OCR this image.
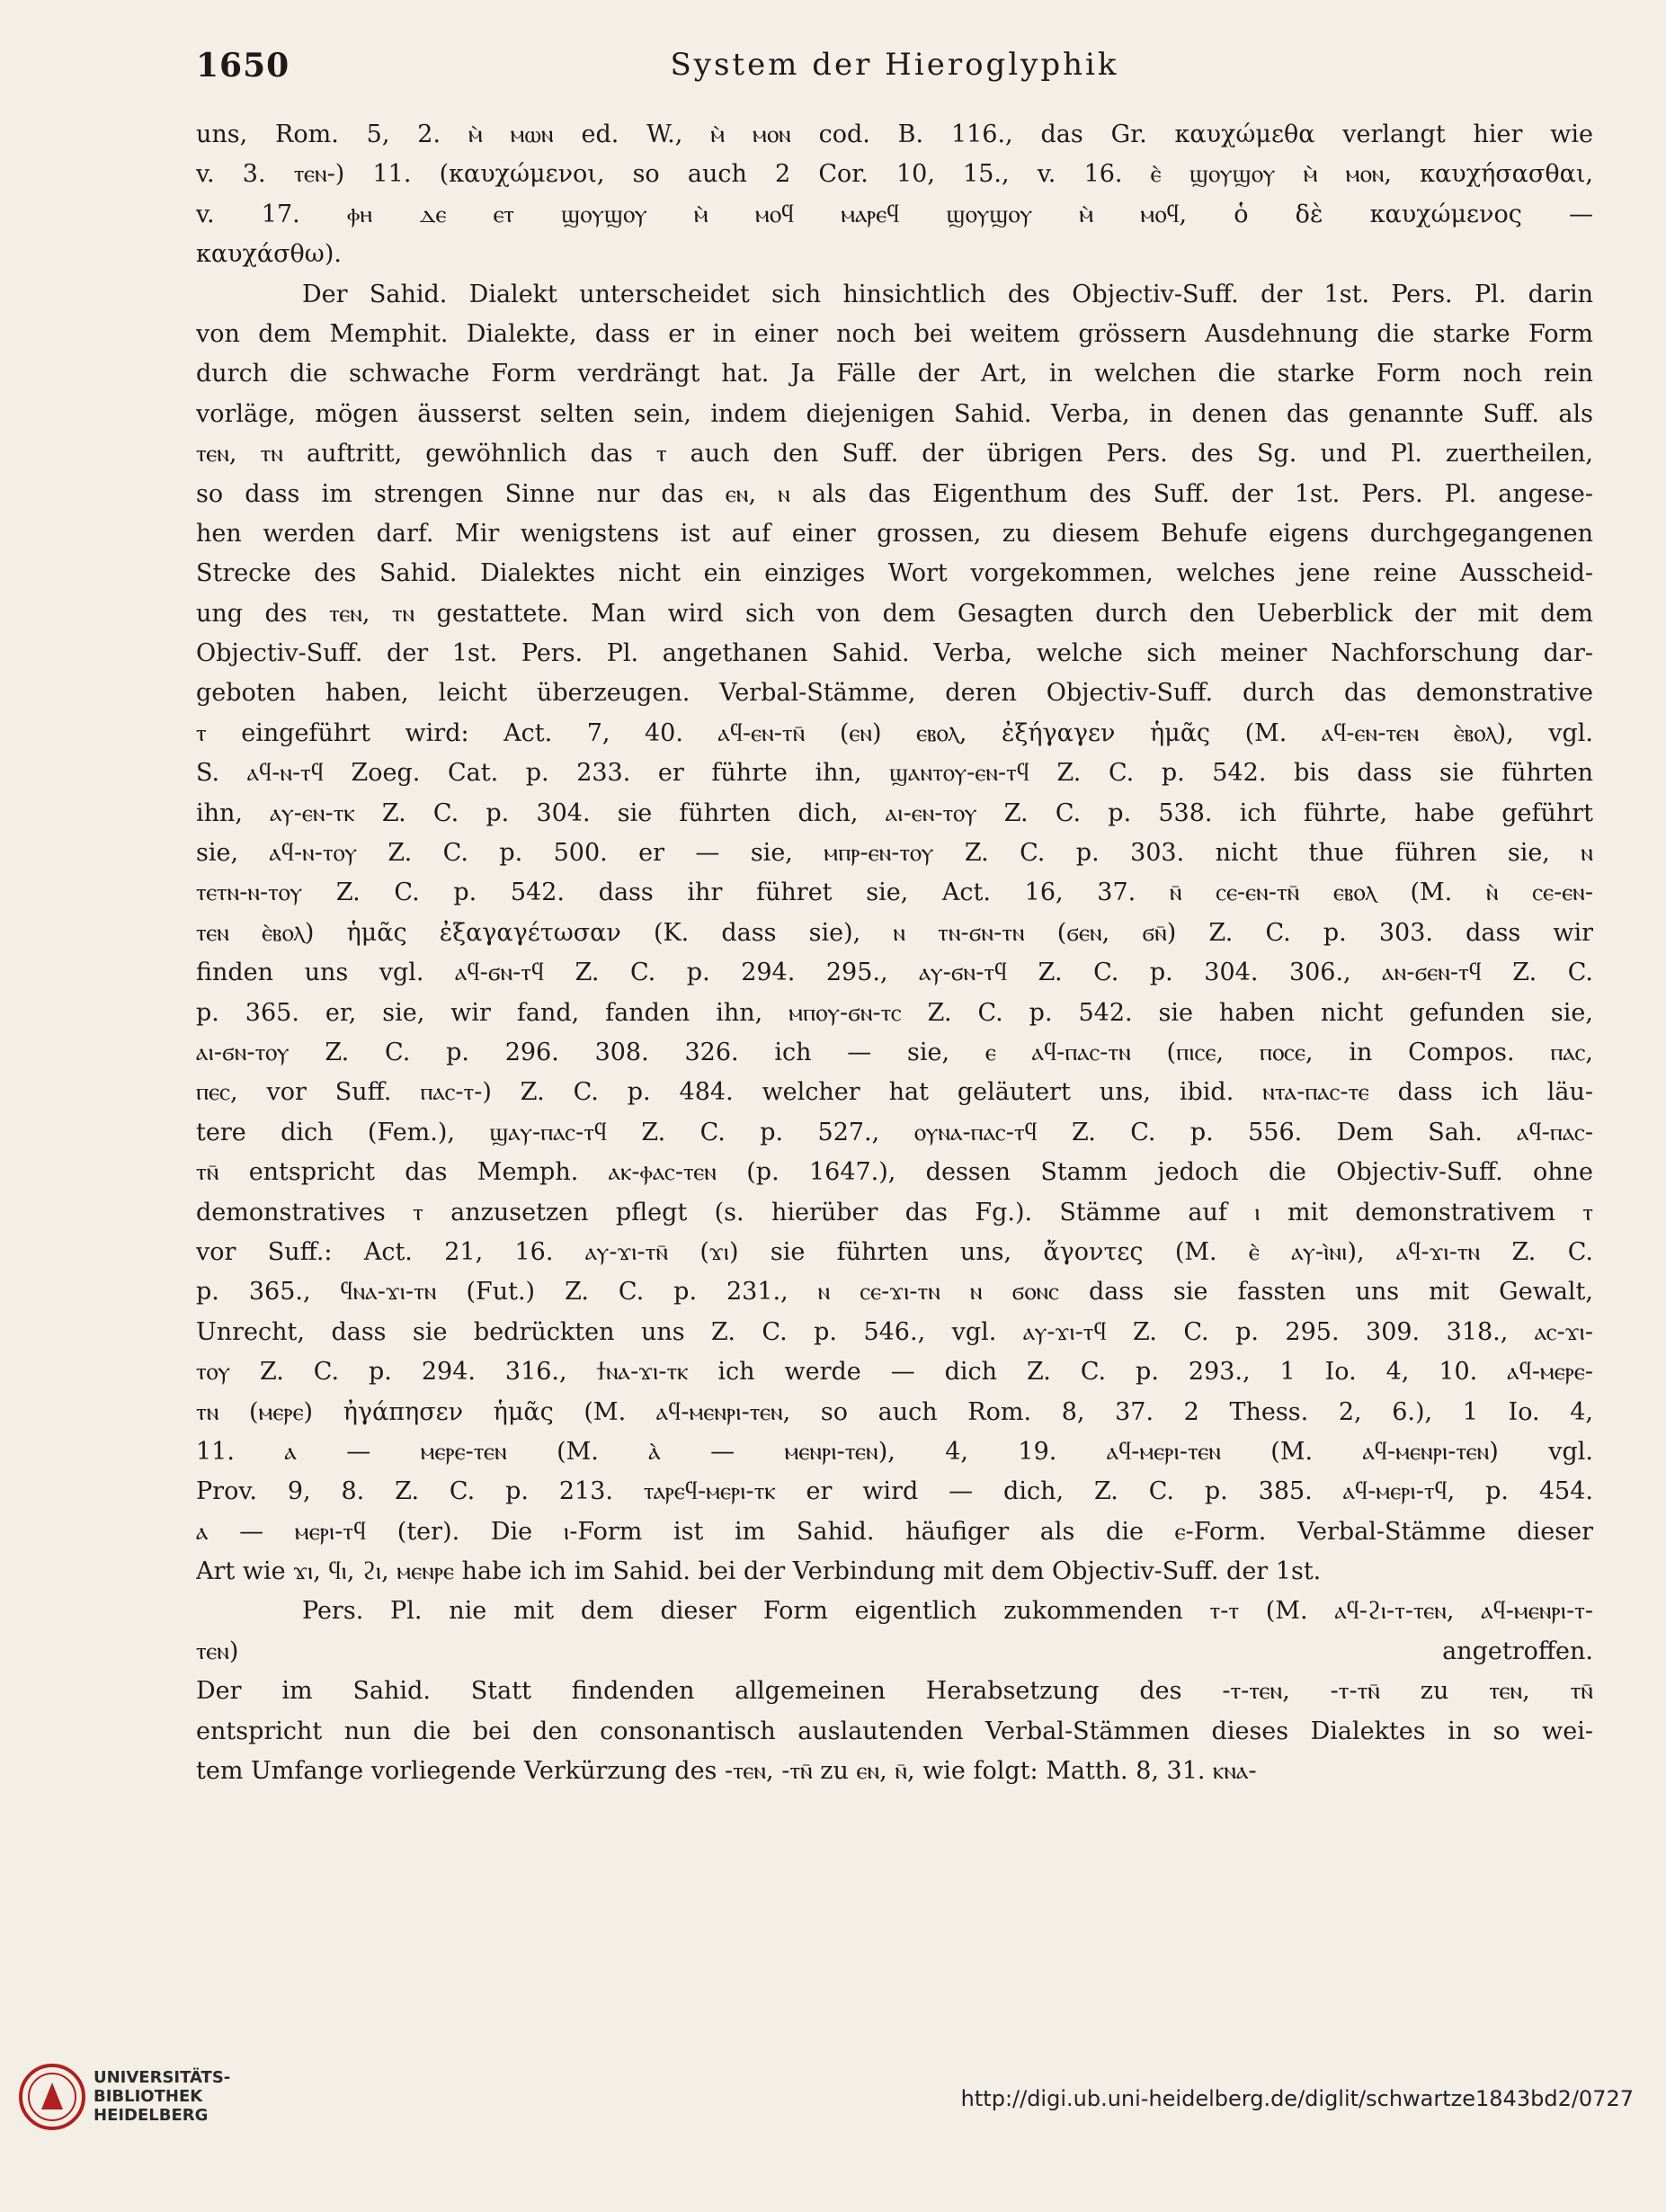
1650	System der Hieroglyphik
uns, Rom. 5, 2. ⲙ̀ ⲙⲱⲛ ed. W., ⲙ̀ ⲙⲟⲛ cod. B. 116., das Gr. καυχώμεθα verlangt hier wie
v. 3. ⲧⲉⲛ-) 11. (καυχώμενοι, so auch 2 Cor. 10, 15., v. 16. ⲉ̀ ϣⲟⲩϣⲟⲩ ⲙ̀ ⲙⲟⲛ, καυχήσασθαι,
v. 17. ⲫⲏ ⲇⲉ ⲉⲧ ϣⲟⲩϣⲟⲩ ⲙ̀ ⲙⲟϥ ⲙⲁⲣⲉϥ ϣⲟⲩϣⲟⲩ ⲙ̀ ⲙⲟϥ, ὁ δὲ καυχώμενος —
καυχάσθω).
Der Sahid. Dialekt unterscheidet sich hinsichtlich des Objectiv-Suff. der 1st. Pers. Pl. darin
von dem Memphit. Dialekte, dass er in einer noch bei weitem grössern Ausdehnung die starke Form
durch die schwache Form verdrängt hat. Ja Fälle der Art, in welchen die starke Form noch rein
vorläge, mögen äusserst selten sein, indem diejenigen Sahid. Verba, in denen das genannte Suff. als
ⲧⲉⲛ, ⲧⲛ auftritt, gewöhnlich das ⲧ auch den Suff. der übrigen Pers. des Sg. und Pl. zuertheilen,
so dass im strengen Sinne nur das ⲉⲛ, ⲛ als das Eigenthum des Suff. der 1st. Pers. Pl. angese-
hen werden darf. Mir wenigstens ist auf einer grossen, zu diesem Behufe eigens durchgegangenen
Strecke des Sahid. Dialektes nicht ein einziges Wort vorgekommen, welches jene reine Ausscheid-
ung des ⲧⲉⲛ, ⲧⲛ gestattete. Man wird sich von dem Gesagten durch den Ueberblick der mit dem
Objectiv-Suff. der 1st. Pers. Pl. angethanen Sahid. Verba, welche sich meiner Nachforschung dar-
geboten haben, leicht überzeugen. Verbal-Stämme, deren Objectiv-Suff. durch das demonstrative
ⲧ eingeführt wird: Act. 7, 40. ⲁϥ-ⲉⲛ-ⲧⲛ̄ (ⲉⲛ) ⲉⲃⲟⲗ, ἐξήγαγεν ἡμᾶς (M. ⲁϥ-ⲉⲛ-ⲧⲉⲛ ⲉ̀ⲃⲟⲗ), vgl.
S. ⲁϥ-ⲛ-ⲧϥ Zoeg. Cat. p. 233. er führte ihn, ϣⲁⲛⲧⲟⲩ-ⲉⲛ-ⲧϥ Z. C. p. 542. bis dass sie führten
ihn, ⲁⲩ-ⲉⲛ-ⲧⲕ Z. C. p. 304. sie führten dich, ⲁⲓ-ⲉⲛ-ⲧⲟⲩ Z. C. p. 538. ich führte, habe geführt
sie, ⲁϥ-ⲛ-ⲧⲟⲩ Z. C. p. 500. er — sie, ⲙⲡⲣ-ⲉⲛ-ⲧⲟⲩ Z. C. p. 303. nicht thue führen sie, ⲛ
ⲧⲉⲧⲛ-ⲛ-ⲧⲟⲩ Z. C. p. 542. dass ihr führet sie, Act. 16, 37. ⲛ̄ ⲥⲉ-ⲉⲛ-ⲧⲛ̄ ⲉⲃⲟⲗ (M. ⲛ̀ ⲥⲉ-ⲉⲛ-
ⲧⲉⲛ ⲉ̀ⲃⲟⲗ) ἡμᾶς ἐξαγαγέτωσαν (K. dass sie), ⲛ ⲧⲛ-ϭⲛ-ⲧⲛ (ϭⲉⲛ, ϭⲛ̄) Z. C. p. 303. dass wir
finden uns vgl. ⲁϥ-ϭⲛ-ⲧϥ Z. C. p. 294. 295., ⲁⲩ-ϭⲛ-ⲧϥ Z. C. p. 304. 306., ⲁⲛ-ϭⲉⲛ-ⲧϥ Z. C.
p. 365. er, sie, wir fand, fanden ihn, ⲙⲡⲟⲩ-ϭⲛ-ⲧⲥ Z. C. p. 542. sie haben nicht gefunden sie,
ⲁⲓ-ϭⲛ-ⲧⲟⲩ Z. C. p. 296. 308. 326. ich — sie, ⲉ ⲁϥ-ⲡⲁⲥ-ⲧⲛ (ⲡⲓⲥⲉ, ⲡⲟⲥⲉ, in Compos. ⲡⲁⲥ,
ⲡⲉⲥ, vor Suff. ⲡⲁⲥ-ⲧ-) Z. C. p. 484. welcher hat geläutert uns, ibid. ⲛⲧⲁ-ⲡⲁⲥ-ⲧⲉ dass ich läu-
tere dich (Fem.), ϣⲁⲩ-ⲡⲁⲥ-ⲧϥ Z. C. p. 527., ⲟⲩⲛⲁ-ⲡⲁⲥ-ⲧϥ Z. C. p. 556. Dem Sah. ⲁϥ-ⲡⲁⲥ-
ⲧⲛ̄ entspricht das Memph. ⲁⲕ-ⲫⲁⲥ-ⲧⲉⲛ (p. 1647.), dessen Stamm jedoch die Objectiv-Suff. ohne
demonstratives ⲧ anzusetzen pflegt (s. hierüber das Fg.). Stämme auf ⲓ mit demonstrativem ⲧ
vor Suff.: Act. 21, 16. ⲁⲩ-ϫⲓ-ⲧⲛ̄ (ϫⲓ) sie führten uns, ἄγοντες (M. ⲉ̀ ⲁⲩ-ⲓ̀ⲛⲓ), ⲁϥ-ϫⲓ-ⲧⲛ Z. C.
p. 365., ϥⲛⲁ-ϫⲓ-ⲧⲛ (Fut.) Z. C. p. 231., ⲛ ⲥⲉ-ϫⲓ-ⲧⲛ ⲛ ϭⲟⲛⲥ dass sie fassten uns mit Gewalt,
Unrecht, dass sie bedrückten uns Z. C. p. 546., vgl. ⲁⲩ-ϫⲓ-ⲧϥ Z. C. p. 295. 309. 318., ⲁⲥ-ϫⲓ-
ⲧⲟⲩ Z. C. p. 294. 316., ϯⲛⲁ-ϫⲓ-ⲧⲕ ich werde — dich Z. C. p. 293., 1 Io. 4, 10. ⲁϥ-ⲙⲉⲣⲉ-
ⲧⲛ (ⲙⲉⲣⲉ) ἠγάπησεν ἡμᾶς (M. ⲁϥ-ⲙⲉⲛⲣⲓ-ⲧⲉⲛ, so auch Rom. 8, 37. 2 Thess. 2, 6.), 1 Io. 4,
11. ⲁ — ⲙⲉⲣⲉ-ⲧⲉⲛ (M. ⲁ̀ — ⲙⲉⲛⲣⲓ-ⲧⲉⲛ), 4, 19. ⲁϥ-ⲙⲉⲣⲓ-ⲧⲉⲛ (M. ⲁϥ-ⲙⲉⲛⲣⲓ-ⲧⲉⲛ) vgl.
Prov. 9, 8. Z. C. p. 213. ⲧⲁⲣⲉϥ-ⲙⲉⲣⲓ-ⲧⲕ er wird — dich, Z. C. p. 385. ⲁϥ-ⲙⲉⲣⲓ-ⲧϥ, p. 454.
ⲁ — ⲙⲉⲣⲓ-ⲧϥ (ter). Die ⲓ-Form ist im Sahid. häufiger als die ⲉ-Form. Verbal-Stämme dieser
Art wie ϫⲓ, ϥⲓ, ϩⲓ, ⲙⲉⲛⲣⲉ habe ich im Sahid. bei der Verbindung mit dem Objectiv-Suff. der 1st.
Pers. Pl. nie mit dem dieser Form eigentlich zukommenden ⲧ-ⲧ (M. ⲁϥ-ϩⲓ-ⲧ-ⲧⲉⲛ, ⲁϥ-ⲙⲉⲛⲣⲓ-ⲧ-
ⲧⲉⲛ) angetroffen.
Der im Sahid. Statt findenden allgemeinen Herabsetzung des -ⲧ-ⲧⲉⲛ, -ⲧ-ⲧⲛ̄ zu ⲧⲉⲛ, ⲧⲛ̄
entspricht nun die bei den consonantisch auslautenden Verbal-Stämmen dieses Dialektes in so wei-
tem Umfange vorliegende Verkürzung des -ⲧⲉⲛ, -ⲧⲛ̄ zu ⲉⲛ, ⲛ̄, wie folgt: Matth. 8, 31. ⲕⲛⲁ-
UNIVERSITÄTS-
BIBLIOTHEK
HEIDELBERG
http://digi.ub.uni-heidelberg.de/diglit/schwartze1843bd2/0727
